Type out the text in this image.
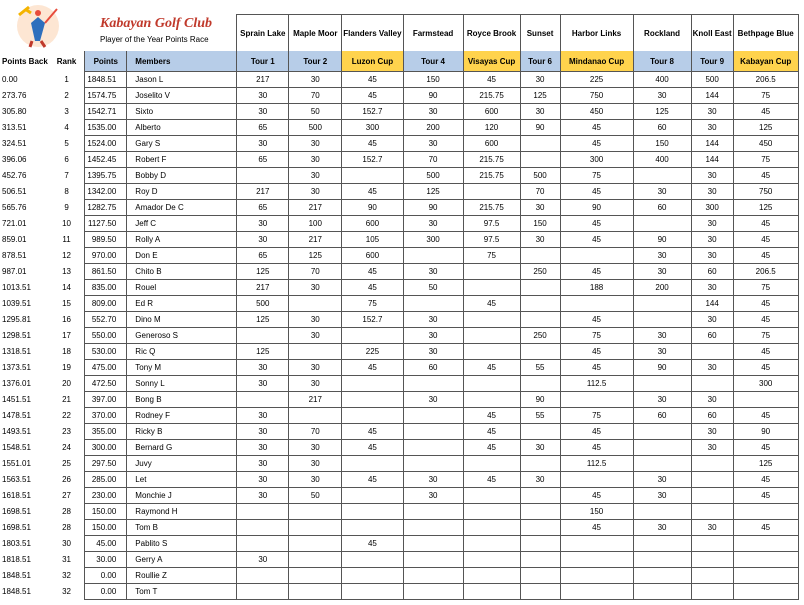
Kabayan Golf Club
Player of the Year Points Race
				Sprain Lake	Maple Moor	Flanders Valley	Farmstead	Royce Brook	Sunset	Harbor Links	Rockland	Knoll East	Bethpage Blue
Points Back	Rank	Points	Members	Tour 1	Tour 2	Luzon Cup	Tour 4	Visayas Cup	Tour 6	Mindanao Cup	Tour 8	Tour 9	Kabayan Cup
0.00	1	1848.51	Jason L	217	30	45	150	45	30	225	400	500	206.5
273.76	2	1574.75	Joselito V	30	70	45	90	215.75	125	750	30	144	75
305.80	3	1542.71	Sixto	30	50	152.7	30	600	30	450	125	30	45
313.51	4	1535.00	Alberto	65	500	300	200	120	90	45	60	30	125
324.51	5	1524.00	Gary S	30	30	45	30	600		45	150	144	450
396.06	6	1452.45	Robert F	65	30	152.7	70	215.75		300	400	144	75
452.76	7	1395.75	Bobby D		30		500	215.75	500	75		30	45
506.51	8	1342.00	Roy D	217	30	45	125		70	45	30	30	750
565.76	9	1282.75	Amador De C	65	217	90	90	215.75	30	90	60	300	125
721.01	10	1127.50	Jeff C	30	100	600	30	97.5	150	45		30	45
859.01	11	989.50	Rolly A	30	217	105	300	97.5	30	45	90	30	45
878.51	12	970.00	Don E	65	125	600		75			30	30	45
987.01	13	861.50	Chito B	125	70	45	30		250	45	30	60	206.5
1013.51	14	835.00	Rouel	217	30	45	50			188	200	30	75
1039.51	15	809.00	Ed R	500		75		45				144	45
1295.81	16	552.70	Dino M	125	30	152.7	30			45		30	45
1298.51	17	550.00	Generoso S		30		30		250	75	30	60	75
1318.51	18	530.00	Ric Q	125		225	30			45	30		45
1373.51	19	475.00	Tony M	30	30	45	60	45	55	45	90	30	45
1376.01	20	472.50	Sonny L	30	30					112.5			300
1451.51	21	397.00	Bong B		217		30		90		30	30	
1478.51	22	370.00	Rodney F	30				45	55	75	60	60	45
1493.51	23	355.00	Ricky B	30	70	45		45		45		30	90
1548.51	24	300.00	Bernard G	30	30	45		45	30	45		30	45
1551.01	25	297.50	Juvy	30	30					112.5			125
1563.51	26	285.00	Let	30	30	45	30	45	30		30		45
1618.51	27	230.00	Monchie J	30	50		30			45	30		45
1698.51	28	150.00	Raymond H							150			
1698.51	28	150.00	Tom B							45	30	30	45
1803.51	30	45.00	Pablito S			45							
1818.51	31	30.00	Gerry A	30									
1848.51	32	0.00	Roullie Z										
1848.51	32	0.00	Tom T										
